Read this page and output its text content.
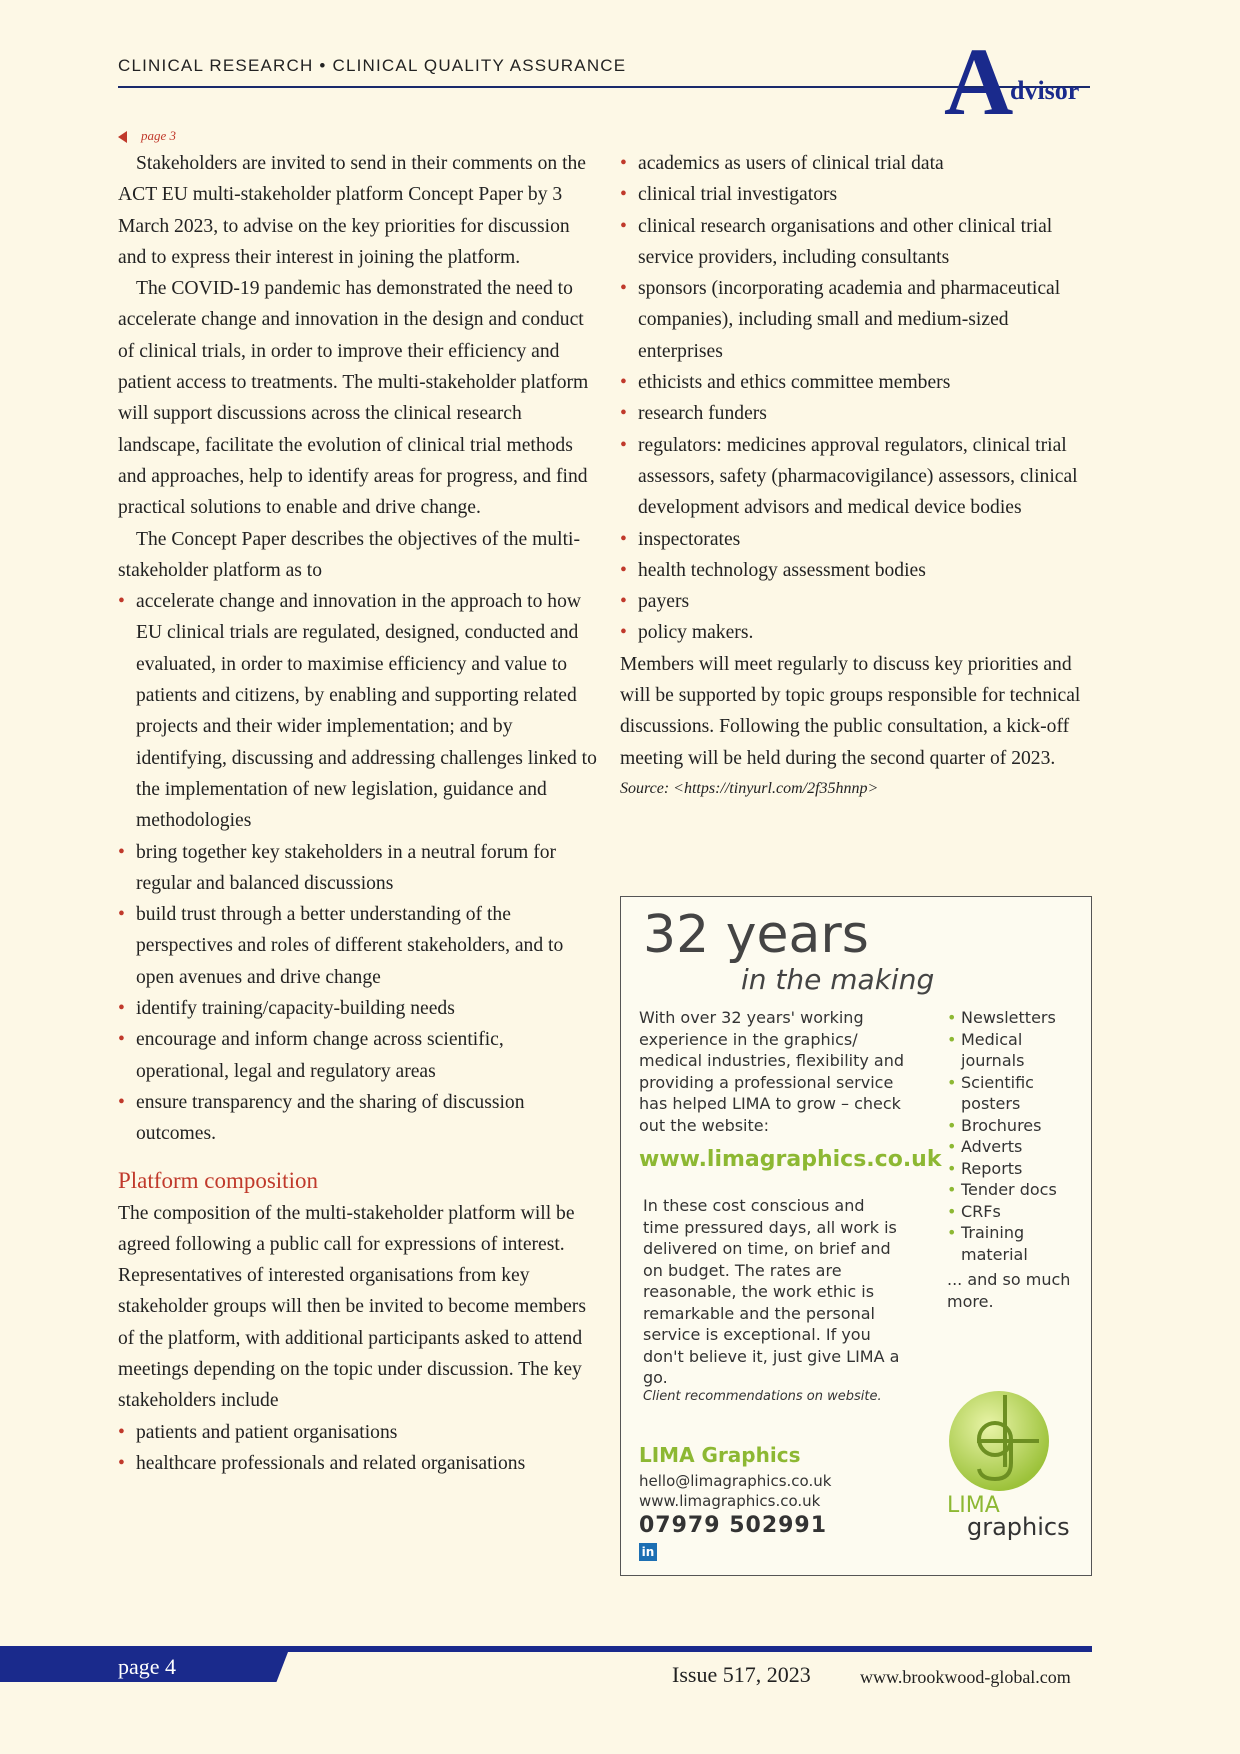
CLINICAL RESEARCH • CLINICAL QUALITY ASSURANCE	A
dvisor
page 3

Stakeholders are invited to send in their comments on the ACT EU multi-stakeholder platform Concept Paper by 3 March 2023, to advise on the key priorities for discussion and to express their interest in joining the platform.

The COVID-19 pandemic has demonstrated the need to accelerate change and innovation in the design and conduct of clinical trials, in order to improve their efficiency and patient access to treatments. The multi-stakeholder platform will support discussions across the clinical research landscape, facilitate the evolution of clinical trial methods and approaches, help to identify areas for progress, and find practical solutions to enable and drive change.

The Concept Paper describes the objectives of the multi-stakeholder platform as to

• accelerate change and innovation in the approach to how EU clinical trials are regulated, designed, conducted and evaluated, in order to maximise efficiency and value to patients and citizens, by enabling and supporting related projects and their wider implementation; and by identifying, discussing and addressing challenges linked to the implementation of new legislation, guidance and methodologies
• bring together key stakeholders in a neutral forum for regular and balanced discussions
• build trust through a better understanding of the perspectives and roles of different stakeholders, and to open avenues and drive change
• identify training/capacity-building needs
• encourage and inform change across scientific, operational, legal and regulatory areas
• ensure transparency and the sharing of discussion outcomes.
Platform composition

The composition of the multi-stakeholder platform will be agreed following a public call for expressions of interest. Representatives of interested organisations from key stakeholder groups will then be invited to become members of the platform, with additional participants asked to attend meetings depending on the topic under discussion. The key stakeholders include

• patients and patient organisations
• healthcare professionals and related organisations
• academics as users of clinical trial data
• clinical trial investigators
• clinical research organisations and other clinical trial service providers, including consultants
• sponsors (incorporating academia and pharmaceutical companies), including small and medium-sized enterprises
• ethicists and ethics committee members
• research funders
• regulators: medicines approval regulators, clinical trial assessors, safety (pharmacovigilance) assessors, clinical development advisors and medical device bodies
• inspectorates
• health technology assessment bodies
• payers
• policy makers.

Members will meet regularly to discuss key priorities and will be supported by topic groups responsible for technical discussions. Following the public consultation, a kick-off meeting will be held during the second quarter of 2023.

Source: <https://tinyurl.com/2f35hnnp>

32 years
in the making
With over 32 years' working experience in the graphics/ medical industries, flexibility and providing a professional service has helped LIMA to grow – check out the website:
www.limagraphics.co.uk
In these cost conscious and time pressured days, all work is delivered on time, on brief and on budget. The rates are reasonable, the work ethic is remarkable and the personal service is exceptional. If you don't believe it, just give LIMA a go.
Client recommendations on website.
• Newsletters
• Medical journals
• Scientific posters
• Brochures
• Adverts
• Reports
• Tender docs
• CRFs
• Training material
... and so much more.
LIMA
graphics
LIMA Graphics
hello@limagraphics.co.uk
www.limagraphics.co.uk
07979 502991
in
page 4	Issue 517, 2023	www.brookwood-global.com
